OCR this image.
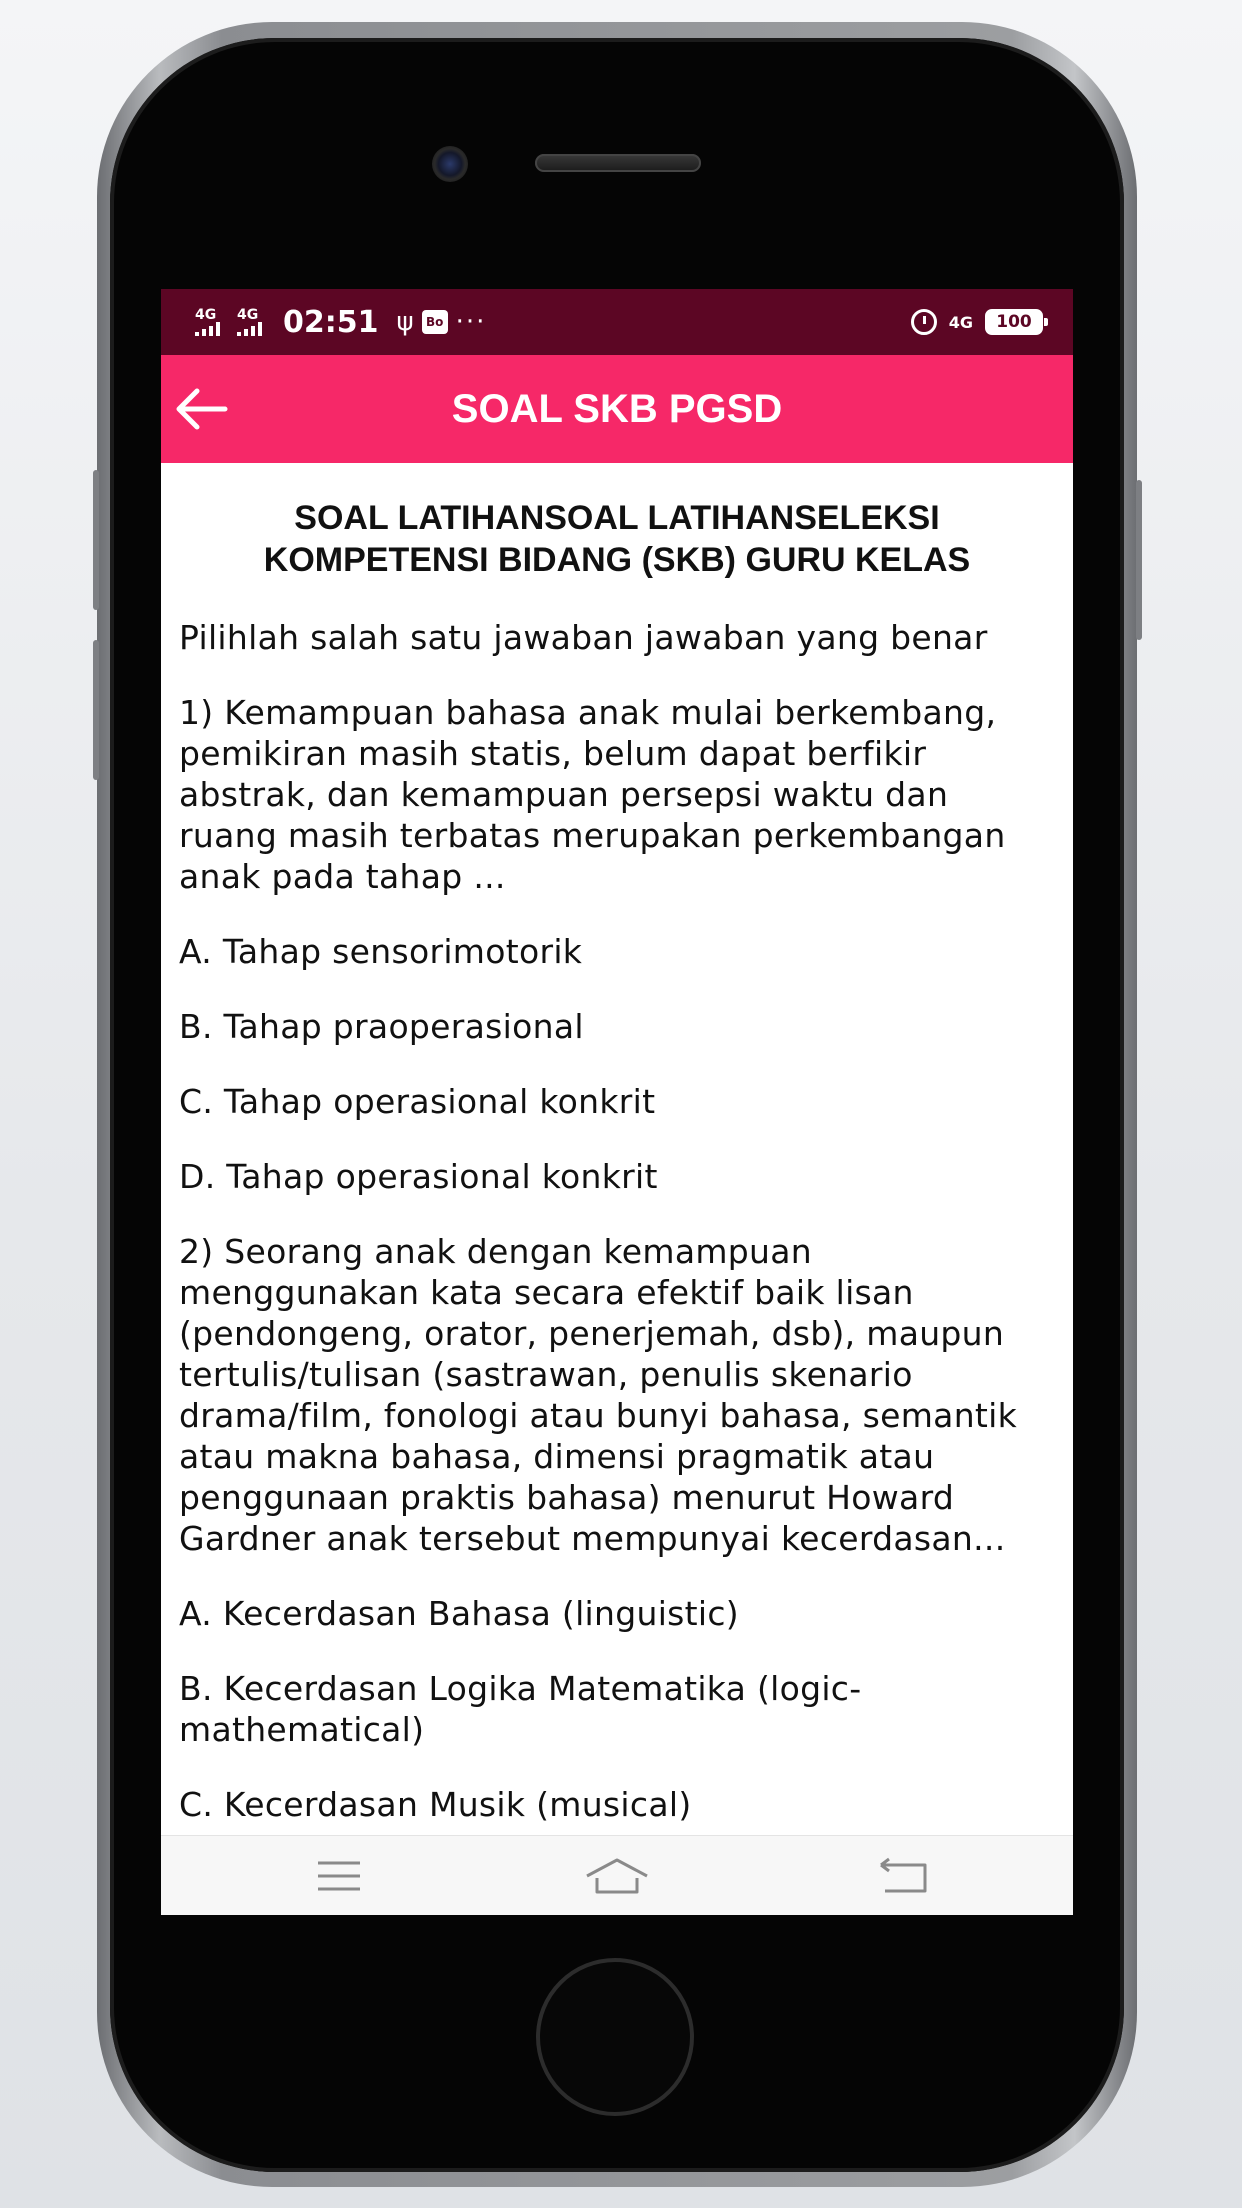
4G 4G 02:51 ψ	Bo ···	4G	100
SOAL SKB PGSD
SOAL LATIHANSOAL LATIHANSELEKSI KOMPETENSI BIDANG (SKB) GURU KELAS

Pilihlah salah satu jawaban jawaban yang benar

1) Kemampuan bahasa anak mulai berkembang, pemikiran masih statis, belum dapat berfikir abstrak, dan kemampuan persepsi waktu dan ruang masih terbatas merupakan perkembangan anak pada tahap ...

A. Tahap sensorimotorik

B. Tahap praoperasional

C. Tahap operasional konkrit

D. Tahap operasional konkrit

2) Seorang anak dengan kemampuan menggunakan kata secara efektif baik lisan (pendongeng, orator, penerjemah, dsb), maupun tertulis/tulisan (sastrawan, penulis skenario drama/film, fonologi atau bunyi bahasa, semantik atau makna bahasa, dimensi pragmatik atau penggunaan praktis bahasa) menurut Howard Gardner anak tersebut mempunyai kecerdasan...

A. Kecerdasan Bahasa (linguistic)

B. Kecerdasan Logika Matematika (logic-mathematical)

C. Kecerdasan Musik (musical)
